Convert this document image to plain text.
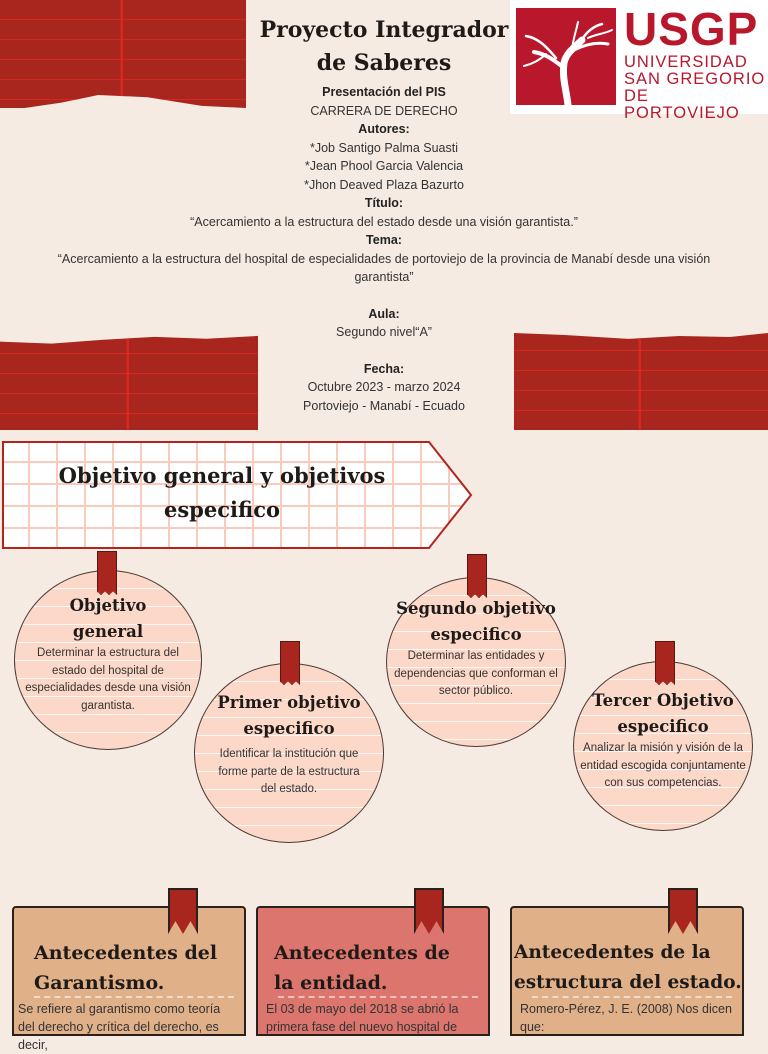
Proyecto Integrador
de Saberes
USGP
UNIVERSIDAD
SAN GREGORIO
DE PORTOVIEJO
Presentación del PIS
CARRERA DE DERECHO
Autores:
*Job Santigo Palma Suasti
*Jean Phool Garcia Valencia
*Jhon Deaved Plaza Bazurto
Título:
“Acercamiento a la estructura del estado desde una visión garantista.”
Tema:
“Acercamiento a la estructura del hospital de especialidades de portoviejo de la provincia de Manabí desde una visión garantista”
Aula:
Segundo nivel“A”
Fecha:
Octubre 2023 - marzo 2024
Portoviejo - Manabí - Ecuado
Objetivo general y objetivos
especifico
Objetivo
general
Determinar la estructura del estado del hospital de especialidades desde una visión garantista.	Primer objetivo
especifico
Identificar la institución que forme parte de la estructura del estado.
Segundo objetivo
especifico
Determinar las entidades y dependencias que conforman el sector público.	Tercer Objetivo
especifico
Analizar la misión y visión de la entidad escogida conjuntamente con sus competencias.
Antecedentes del
Garantismo.
Se refiere al garantismo como teoría del derecho y crítica del derecho, es decir,
Antecedentes de
la entidad.
El 03 de mayo del 2018 se abrió la primera fase del nuevo hospital de
Antecedentes de la
estructura del estado.
Romero-Pérez, J. E. (2008) Nos dicen que:
